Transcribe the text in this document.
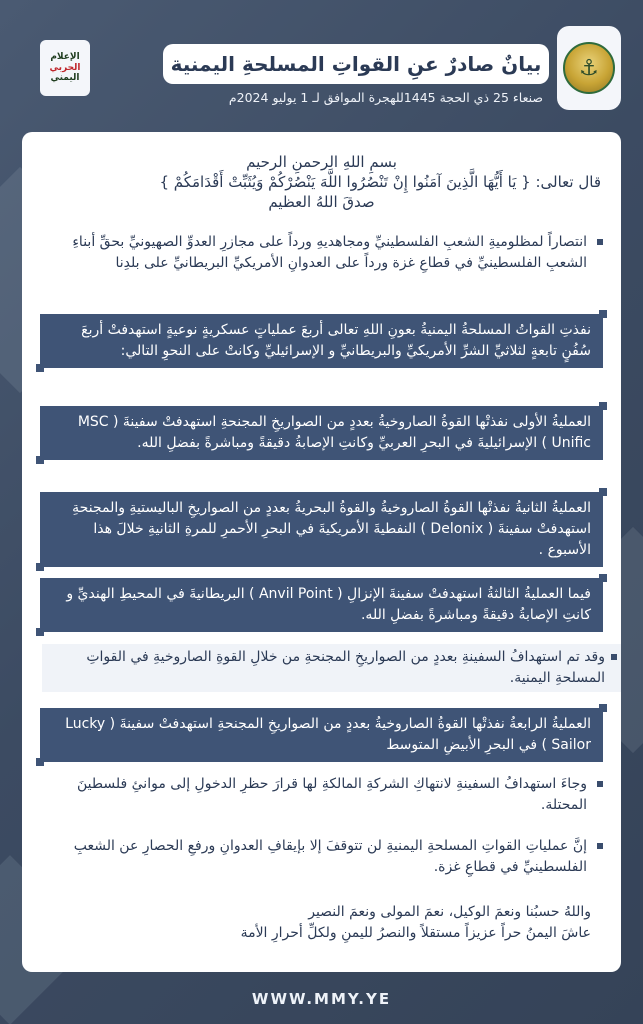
⚓
بيانٌ صادرٌ عنِ القواتِ المسلحةِ اليمنية
صنعاء 25 ذي الحجة 1445للهجرة الموافق لـ 1 يوليو 2024م
الإعلام
الحربي
اليمني
بسمِ اللهِ الرحمنِ الرحيم
قال تعالى: { يَا أَيُّهَا الَّذِينَ آمَنُوا إِنْ تَنْصُرُوا اللَّهَ يَنْصُرْكُمْ وَيُثَبِّتْ أَقْدَامَكُمْ }
صدقَ اللهُ العظيم
انتصاراً لمظلوميةِ الشعبِ الفلسطينيِّ ومجاهديهِ ورداً على مجازرِ العدوِّ الصهيونيِّ بحقِّ أبناءِ الشعبِ الفلسطينيِّ في قطاعِ غزة ورداً على العدوانِ الأمريكيِّ البريطانيِّ على بلدِنا
نفذتِ القواتُ المسلحةُ اليمنيةُ بعونِ اللهِ تعالى أربعَ عملياتٍ عسكريةٍ نوعيةٍ استهدفتْ أربعَ سُفُنٍ تابعةٍ لثلاثيِّ الشرِّ الأمريكيِّ والبريطانيِّ و الإسرائيليِّ وكانتْ على النحوِ التالي:
العمليةُ الأولى نفذتْها القوةُ الصاروخيةُ بعددٍ من الصواريخِ المجنحةِ استهدفتْ سفينةَ ( MSC Unific ) الإسرائيليةَ في البحرِ العربيِّ وكانتِ الإصابةُ دقيقةً ومباشرةً بفضلِ الله.
العمليةُ الثانيةُ نفذتْها القوةُ الصاروخيةُ والقوةُ البحريةُ بعددٍ من الصواريخِ الباليستيةِ والمجنحةِ استهدفتْ سفينةَ ( Delonix ) النفطيةَ الأمريكيةَ في البحرِ الأحمرِ للمرةِ الثانيةِ خلالَ هذا الأسبوع .
فيما العمليةُ الثالثةُ استهدفتْ سفينةَ الإنزالِ ( Anvil Point ) البريطانيةَ في المحيطِ الهنديِّ و كانتِ الإصابةُ دقيقةً ومباشرةً بفضلِ الله.
وقد تم استهدافُ السفينةِ بعددٍ من الصواريخِ المجنحةِ من خلالِ القوةِ الصاروخيةِ في القواتِ المسلحةِ اليمنية.
العمليةُ الرابعةُ نفذتْها القوةُ الصاروخيةُ بعددٍ من الصواريخِ المجنحةِ استهدفتْ سفينةَ ( Lucky Sailor ) في البحرِ الأبيضِ المتوسط
وجاءَ استهدافُ السفينةِ لانتهاكِ الشركةِ المالكةِ لها قرارَ حظرِ الدخولِ إلى موانئِ فلسطينَ المحتلة.
إنَّ عملياتِ القواتِ المسلحةِ اليمنيةِ لن تتوقفَ إلا بإيقافِ العدوانِ ورفعِ الحصارِ عن الشعبِ الفلسطينيِّ في قطاعِ غزة.
واللهُ حسبُنا ونعمَ الوكيل، نعمَ المولى ونعمَ النصير
عاشَ اليمنُ حراً عزيزاً مستقلاً والنصرُ لليمنِ ولكلِّ أحرارِ الأمة
WWW.MMY.YE
